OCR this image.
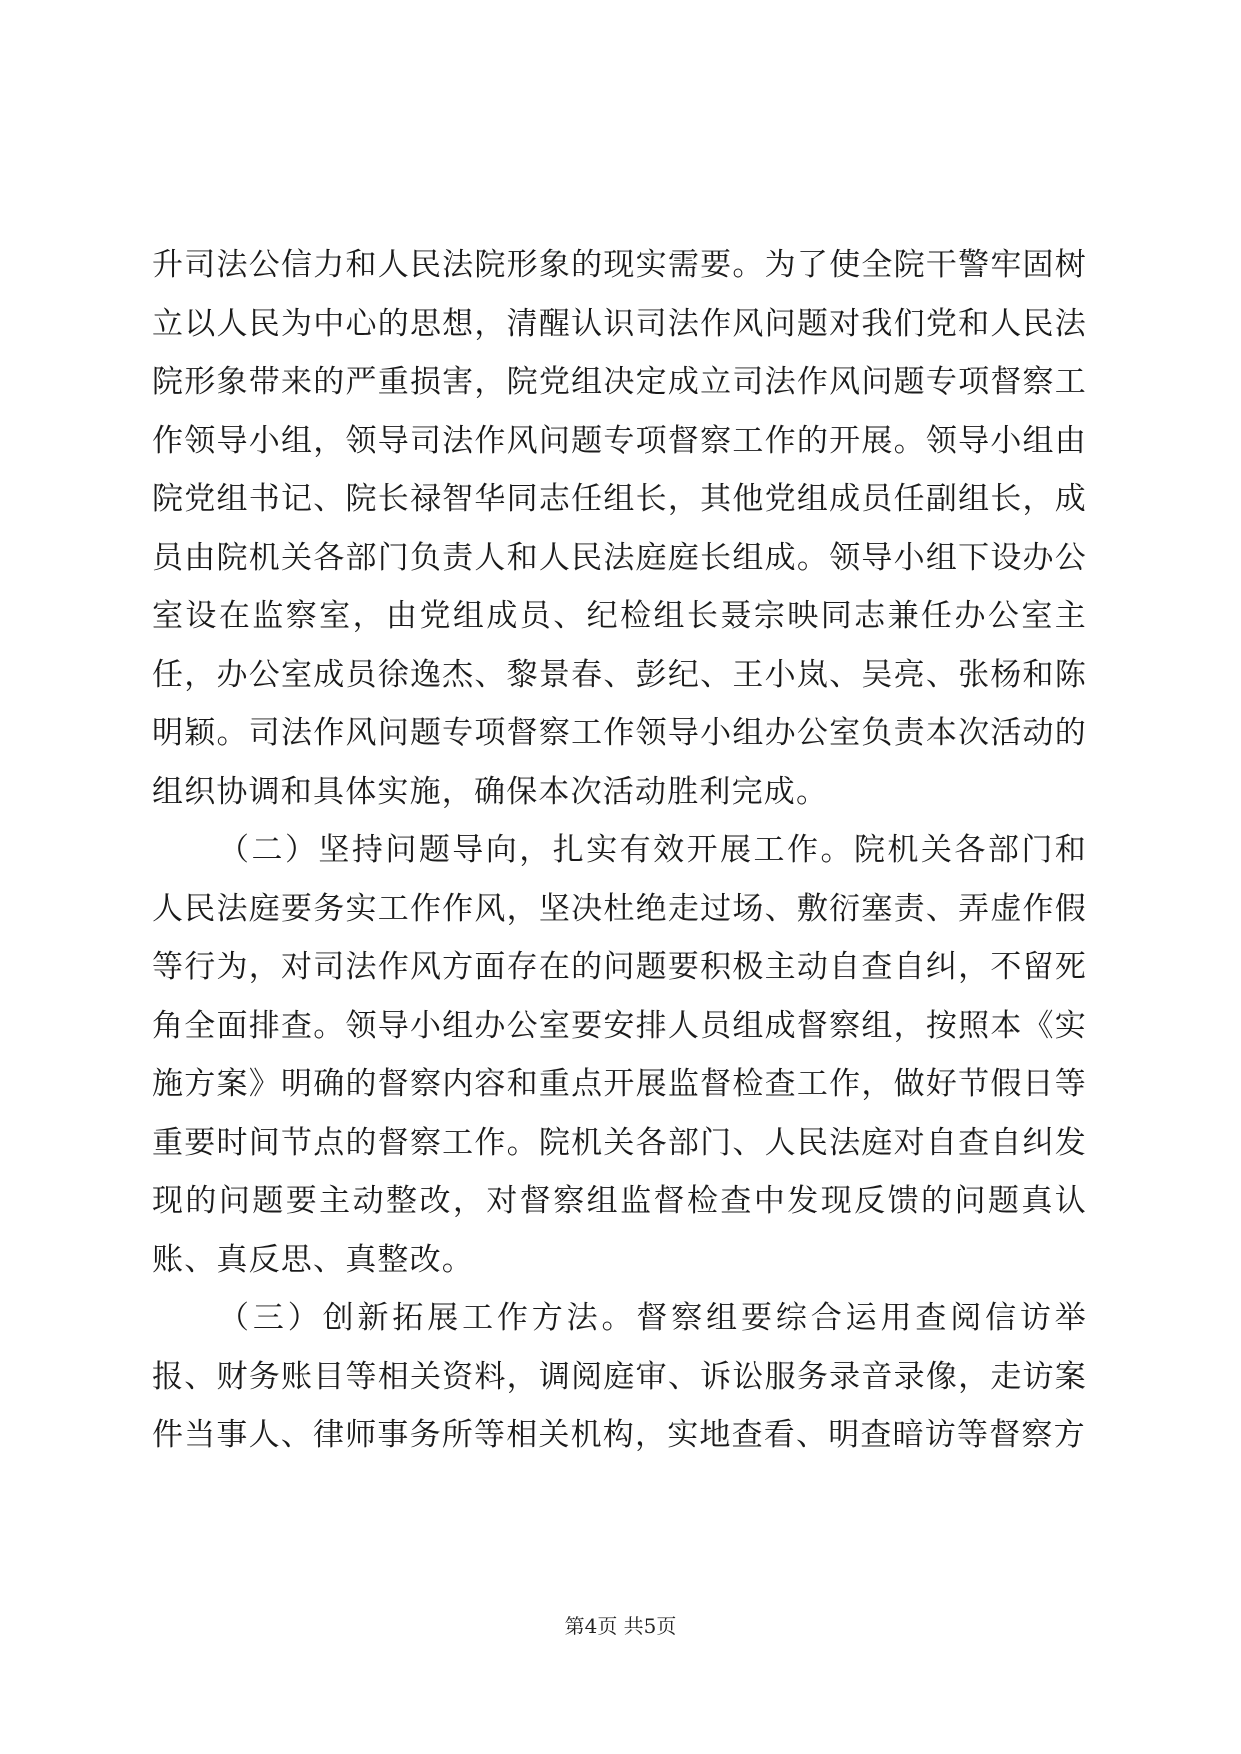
升司法公信力和人民法院形象的现实需要。为了使全院干警牢固树立以人民为中心的思想，清醒认识司法作风问题对我们党和人民法院形象带来的严重损害，院党组决定成立司法作风问题专项督察工作领导小组，领导司法作风问题专项督察工作的开展。领导小组由院党组书记、院长禄智华同志任组长，其他党组成员任副组长，成员由院机关各部门负责人和人民法庭庭长组成。领导小组下设办公室设在监察室，由党组成员、纪检组长聂宗映同志兼任办公室主任，办公室成员徐逸杰、黎景春、彭纪、王小岚、吴亮、张杨和陈明颖。司法作风问题专项督察工作领导小组办公室负责本次活动的组织协调和具体实施，确保本次活动胜利完成。

（二）坚持问题导向，扎实有效开展工作。院机关各部门和人民法庭要务实工作作风，坚决杜绝走过场、敷衍塞责、弄虚作假等行为，对司法作风方面存在的问题要积极主动自查自纠，不留死角全面排查。领导小组办公室要安排人员组成督察组，按照本《实施方案》明确的督察内容和重点开展监督检查工作，做好节假日等重要时间节点的督察工作。院机关各部门、人民法庭对自查自纠发现的问题要主动整改，对督察组监督检查中发现反馈的问题真认账、真反思、真整改。

（三）创新拓展工作方法。督察组要综合运用查阅信访举报、财务账目等相关资料，调阅庭审、诉讼服务录音录像，走访案件当事人、律师事务所等相关机构，实地查看、明查暗访等督察方

第4页 共5页
